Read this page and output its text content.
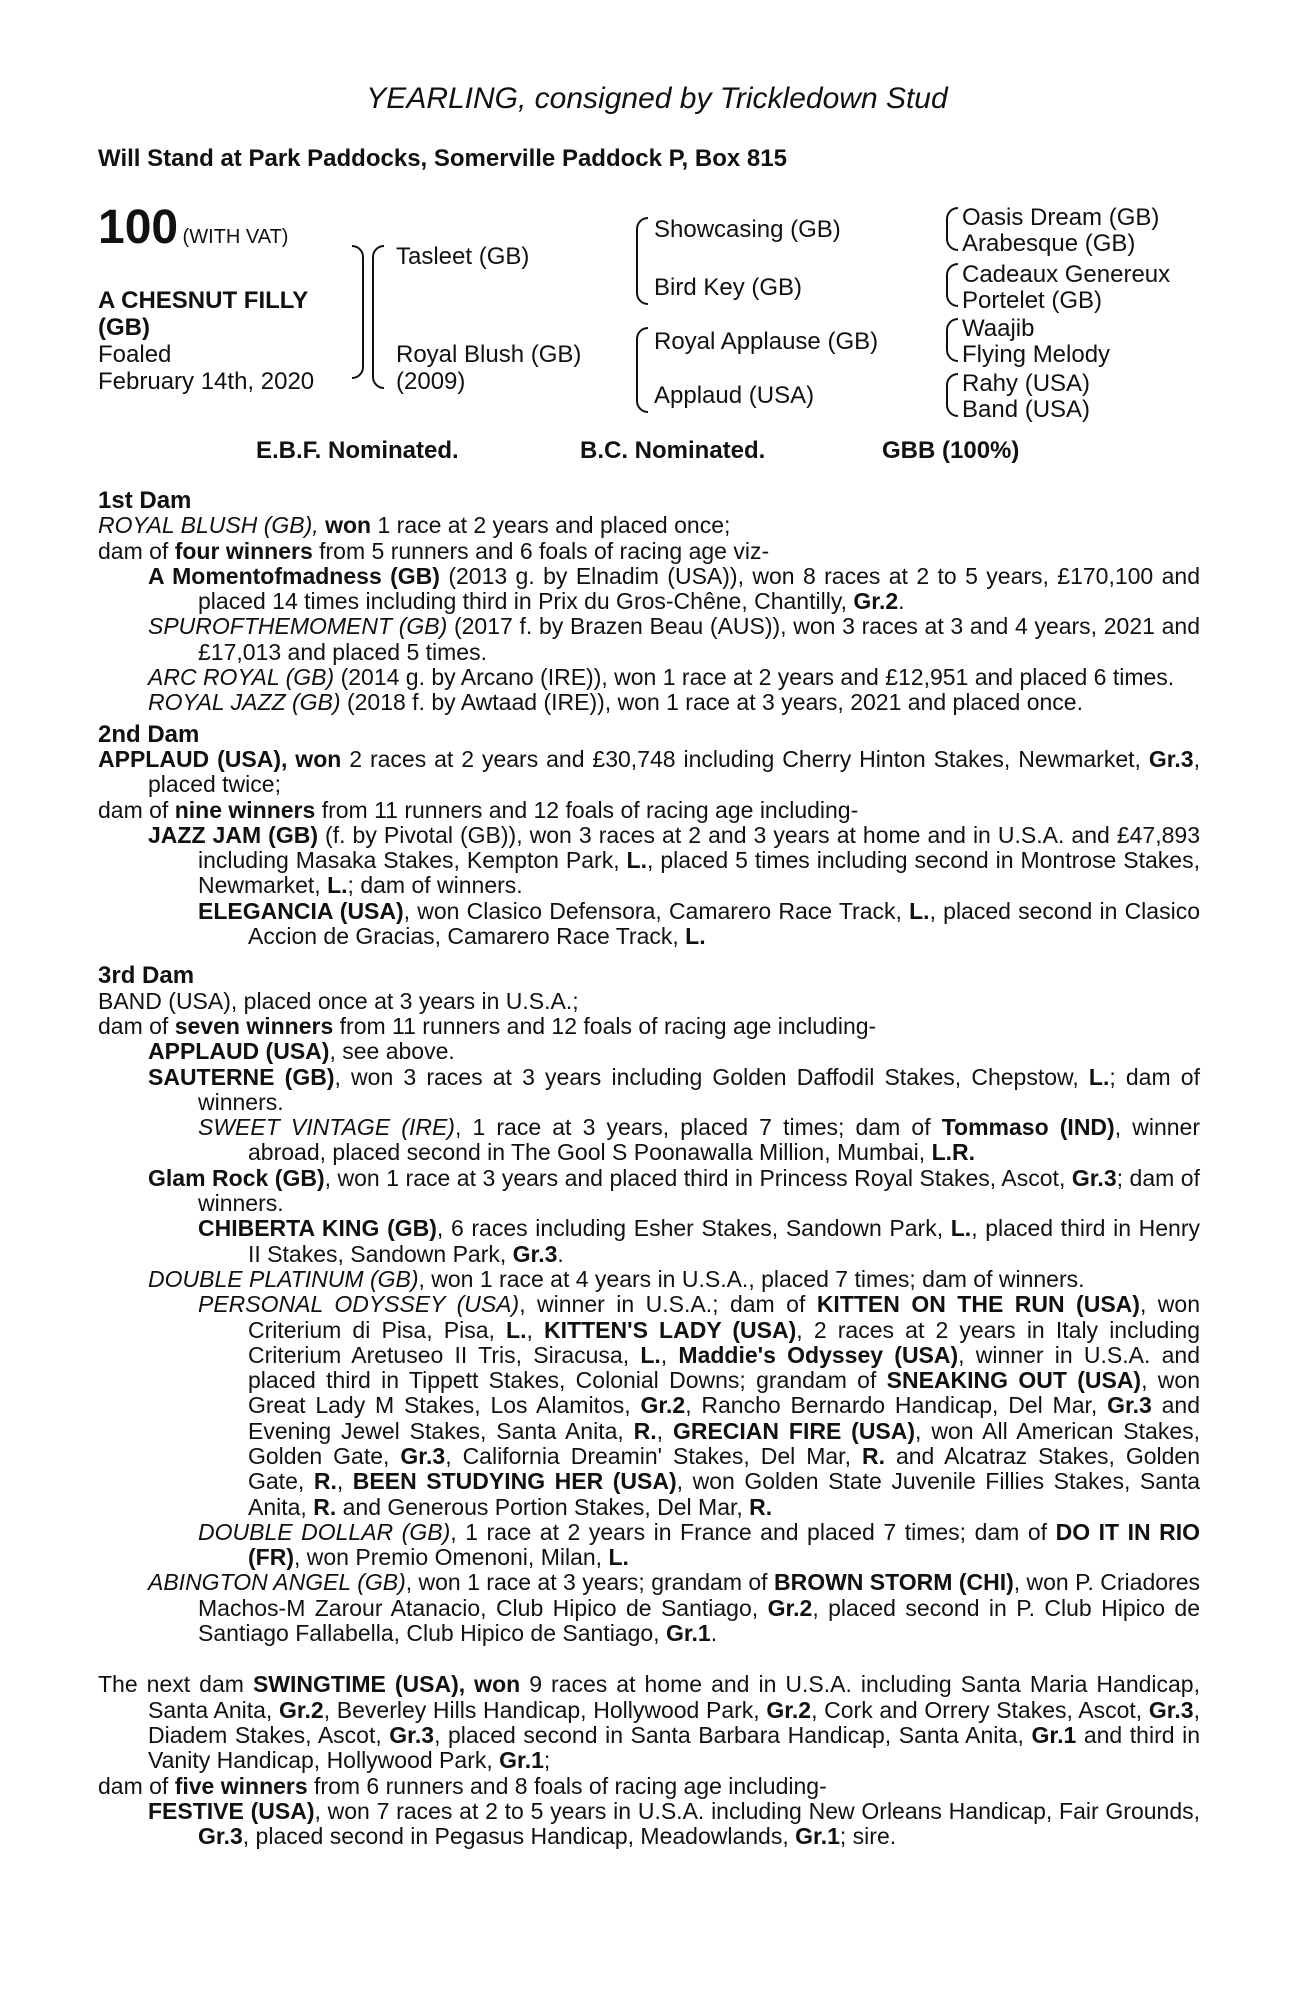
YEARLING, consigned by Trickledown Stud
Will Stand at Park Paddocks, Somerville Paddock P, Box 815
100 (WITH VAT)
A CHESNUT FILLY
(GB)
Foaled
February 14th, 2020
Tasleet (GB)
Royal Blush (GB)
(2009)
Showcasing (GB)
Bird Key (GB)
Royal Applause (GB)
Applaud (USA)
Oasis Dream (GB)
Arabesque (GB)
Cadeaux Genereux
Portelet (GB)
Waajib
Flying Melody
Rahy (USA)
Band (USA)
E.B.F. Nominated.	B.C. Nominated.	GBB (100%)
1st Dam

ROYAL BLUSH (GB), won 1 race at 2 years and placed once;

dam of four winners from 5 runners and 6 foals of racing age viz-

A Momentofmadness (GB) (2013 g. by Elnadim (USA)), won 8 races at 2 to 5 years, £170,100 and placed 14 times including third in Prix du Gros-Chêne, Chantilly, Gr.2.

SPUROFTHEMOMENT (GB) (2017 f. by Brazen Beau (AUS)), won 3 races at 3 and 4 years, 2021 and £17,013 and placed 5 times.

ARC ROYAL (GB) (2014 g. by Arcano (IRE)), won 1 race at 2 years and £12,951 and placed 6 times.

ROYAL JAZZ (GB) (2018 f. by Awtaad (IRE)), won 1 race at 3 years, 2021 and placed once.

2nd Dam

APPLAUD (USA), won 2 races at 2 years and £30,748 including Cherry Hinton Stakes, Newmarket, Gr.3, placed twice;

dam of nine winners from 11 runners and 12 foals of racing age including-

JAZZ JAM (GB) (f. by Pivotal (GB)), won 3 races at 2 and 3 years at home and in U.S.A. and £47,893 including Masaka Stakes, Kempton Park, L., placed 5 times including second in Montrose Stakes, Newmarket, L.; dam of winners.

ELEGANCIA (USA), won Clasico Defensora, Camarero Race Track, L., placed second in Clasico Accion de Gracias, Camarero Race Track, L.

3rd Dam

BAND (USA), placed once at 3 years in U.S.A.;

dam of seven winners from 11 runners and 12 foals of racing age including-

APPLAUD (USA), see above.

SAUTERNE (GB), won 3 races at 3 years including Golden Daffodil Stakes, Chepstow, L.; dam of winners.

SWEET VINTAGE (IRE), 1 race at 3 years, placed 7 times; dam of Tommaso (IND), winner abroad, placed second in The Gool S Poonawalla Million, Mumbai, L.R.

Glam Rock (GB), won 1 race at 3 years and placed third in Princess Royal Stakes, Ascot, Gr.3; dam of winners.

CHIBERTA KING (GB), 6 races including Esher Stakes, Sandown Park, L., placed third in Henry II Stakes, Sandown Park, Gr.3.

DOUBLE PLATINUM (GB), won 1 race at 4 years in U.S.A., placed 7 times; dam of winners.

PERSONAL ODYSSEY (USA), winner in U.S.A.; dam of KITTEN ON THE RUN (USA), won Criterium di Pisa, Pisa, L., KITTEN'S LADY (USA), 2 races at 2 years in Italy including Criterium Aretuseo II Tris, Siracusa, L., Maddie's Odyssey (USA), winner in U.S.A. and placed third in Tippett Stakes, Colonial Downs; grandam of SNEAKING OUT (USA), won Great Lady M Stakes, Los Alamitos, Gr.2, Rancho Bernardo Handicap, Del Mar, Gr.3 and Evening Jewel Stakes, Santa Anita, R., GRECIAN FIRE (USA), won All American Stakes, Golden Gate, Gr.3, California Dreamin' Stakes, Del Mar, R. and Alcatraz Stakes, Golden Gate, R., BEEN STUDYING HER (USA), won Golden State Juvenile Fillies Stakes, Santa Anita, R. and Generous Portion Stakes, Del Mar, R.

DOUBLE DOLLAR (GB), 1 race at 2 years in France and placed 7 times; dam of DO IT IN RIO (FR), won Premio Omenoni, Milan, L.

ABINGTON ANGEL (GB), won 1 race at 3 years; grandam of BROWN STORM (CHI), won P. Criadores Machos-M Zarour Atanacio, Club Hipico de Santiago, Gr.2, placed second in P. Club Hipico de Santiago Fallabella, Club Hipico de Santiago, Gr.1.

The next dam SWINGTIME (USA), won 9 races at home and in U.S.A. including Santa Maria Handicap, Santa Anita, Gr.2, Beverley Hills Handicap, Hollywood Park, Gr.2, Cork and Orrery Stakes, Ascot, Gr.3, Diadem Stakes, Ascot, Gr.3, placed second in Santa Barbara Handicap, Santa Anita, Gr.1 and third in Vanity Handicap, Hollywood Park, Gr.1;

dam of five winners from 6 runners and 8 foals of racing age including-

FESTIVE (USA), won 7 races at 2 to 5 years in U.S.A. including New Orleans Handicap, Fair Grounds, Gr.3, placed second in Pegasus Handicap, Meadowlands, Gr.1; sire.
